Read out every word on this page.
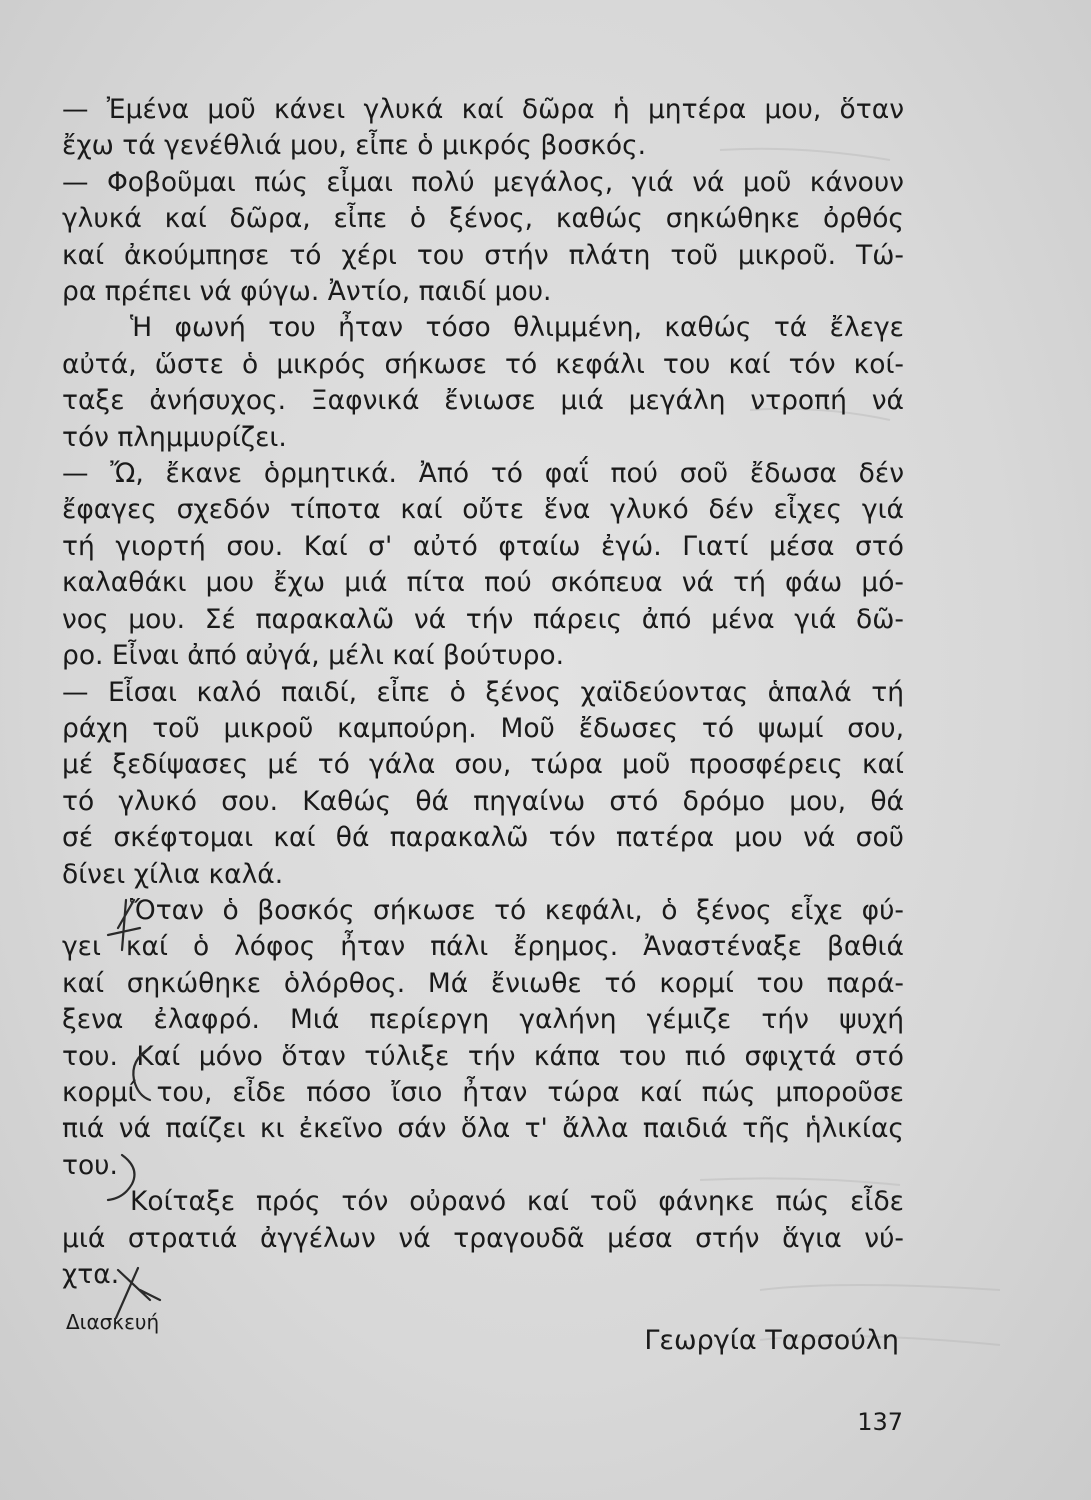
— Ἐμένα μοῦ κάνει γλυκά καί δῶρα ἡ μητέρα μου, ὅταν
ἔχω τά γενέθλιά μου, εἶπε ὁ μικρός βοσκός.
— Φοβοῦμαι πώς εἶμαι πολύ μεγάλος, γιά νά μοῦ κάνουν
γλυκά καί δῶρα, εἶπε ὁ ξένος, καθώς σηκώθηκε ὀρθός
καί ἀκούμπησε τό χέρι του στήν πλάτη τοῦ μικροῦ. Τώ-
ρα πρέπει νά φύγω. Ἀντίο, παιδί μου.
Ἡ φωνή του ἦταν τόσο θλιμμένη, καθώς τά ἔλεγε
αὐτά, ὥστε ὁ μικρός σήκωσε τό κεφάλι του καί τόν κοί-
ταξε ἀνήσυχος. Ξαφνικά ἔνιωσε μιά μεγάλη ντροπή νά
τόν πλημμυρίζει.
— Ὤ, ἔκανε ὁρμητικά. Ἀπό τό φαΐ πού σοῦ ἔδωσα δέν
ἔφαγες σχεδόν τίποτα καί οὔτε ἕνα γλυκό δέν εἶχες γιά
τή γιορτή σου. Καί σ' αὐτό φταίω ἐγώ. Γιατί μέσα στό
καλαθάκι μου ἔχω μιά πίτα πού σκόπευα νά τή φάω μό-
νος μου. Σέ παρακαλῶ νά τήν πάρεις ἀπό μένα γιά δῶ-
ρο. Εἶναι ἀπό αὐγά, μέλι καί βούτυρο.
— Εἶσαι καλό παιδί, εἶπε ὁ ξένος χαϊδεύοντας ἁπαλά τή
ράχη τοῦ μικροῦ καμπούρη. Μοῦ ἔδωσες τό ψωμί σου,
μέ ξεδίψασες μέ τό γάλα σου, τώρα μοῦ προσφέρεις καί
τό γλυκό σου. Καθώς θά πηγαίνω στό δρόμο μου, θά
σέ σκέφτομαι καί θά παρακαλῶ τόν πατέρα μου νά σοῦ
δίνει χίλια καλά.
Ὅταν ὁ βοσκός σήκωσε τό κεφάλι, ὁ ξένος εἶχε φύ-
γει καί ὁ λόφος ἦταν πάλι ἔρημος. Ἀναστέναξε βαθιά
καί σηκώθηκε ὁλόρθος. Μά ἔνιωθε τό κορμί του παρά-
ξενα ἐλαφρό. Μιά περίεργη γαλήνη γέμιζε τήν ψυχή
του. Καί μόνο ὅταν τύλιξε τήν κάπα του πιό σφιχτά στό
κορμί του, εἶδε πόσο ἴσιο ἦταν τώρα καί πώς μποροῦσε
πιά νά παίζει κι ἐκεῖνο σάν ὅλα τ' ἄλλα παιδιά τῆς ἡλικίας
του.
Κοίταξε πρός τόν οὐρανό καί τοῦ φάνηκε πώς εἶδε
μιά στρατιά ἀγγέλων νά τραγουδᾶ μέσα στήν ἅγια νύ-
χτα.
Διασκευή
Γεωργία Ταρσούλη
137
